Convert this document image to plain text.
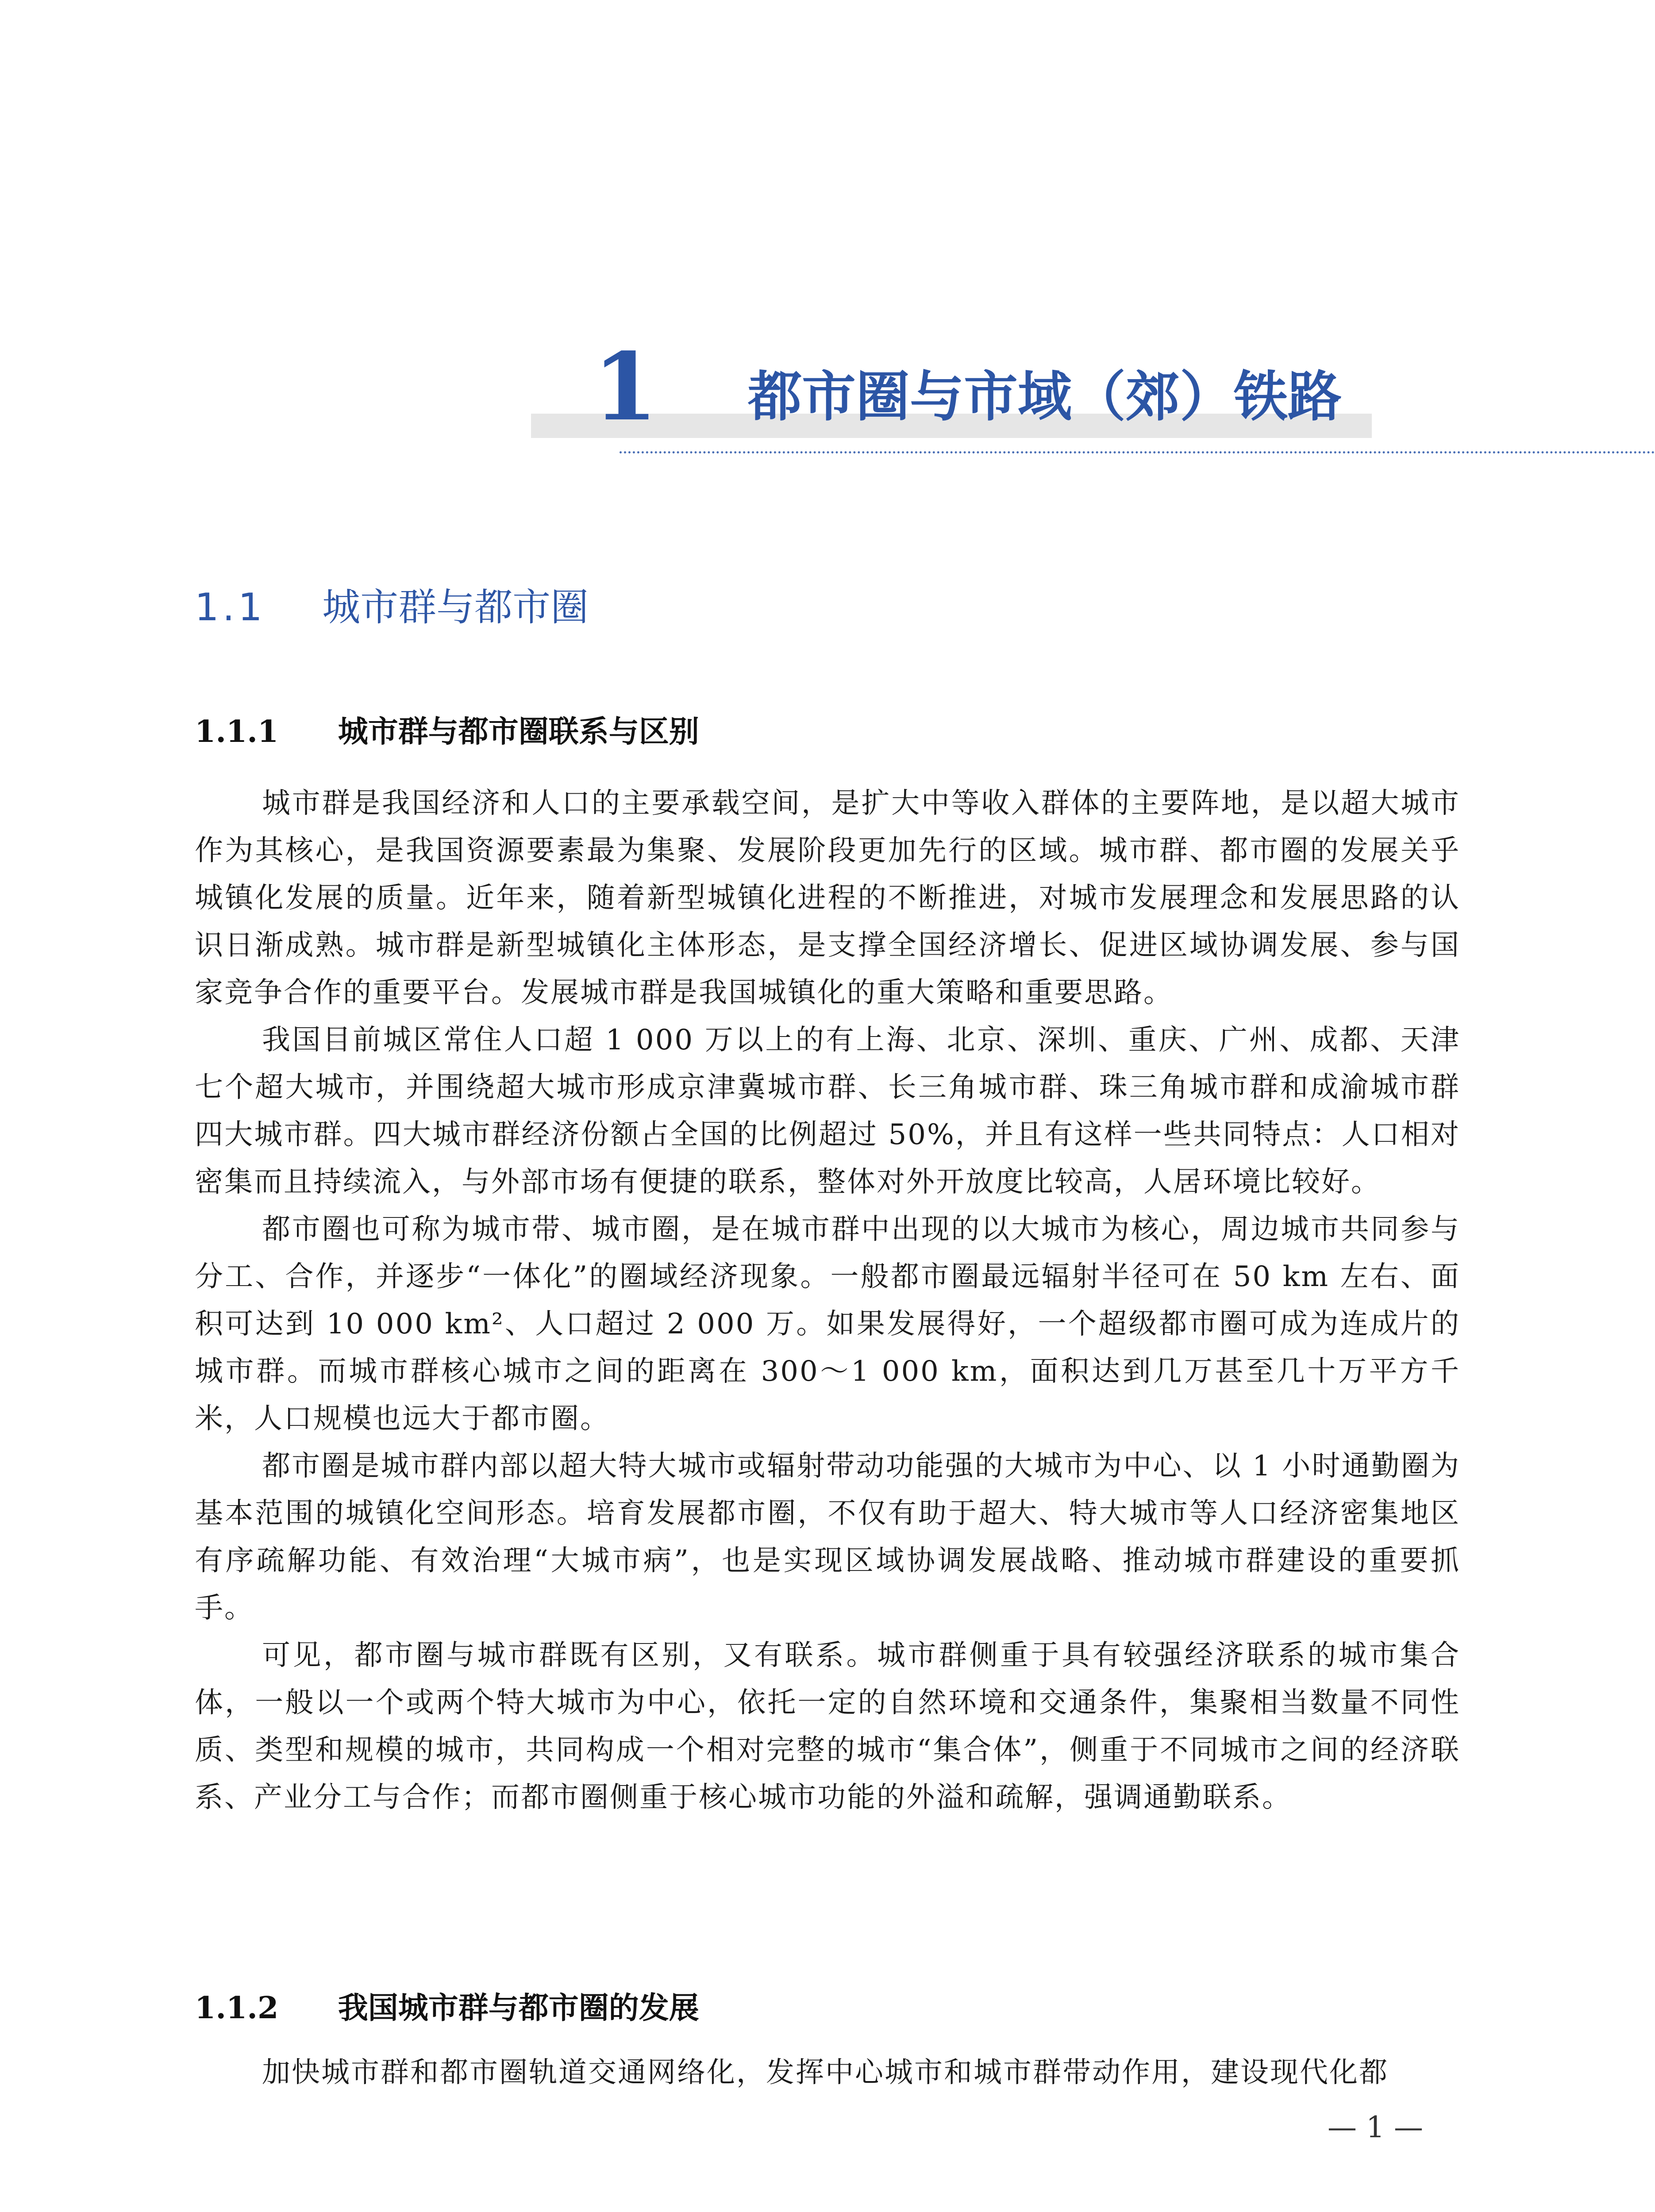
1 都市圈与市域（郊）铁路
1.1 城市群与都市圈
1.1.1 城市群与都市圈联系与区别

城市群是我国经济和人口的主要承载空间，是扩大中等收入群体的主要阵地，是以超大城市作为其核心，是我国资源要素最为集聚、发展阶段更加先行的区域。城市群、都市圈的发展关乎城镇化发展的质量。近年来，随着新型城镇化进程的不断推进，对城市发展理念和发展思路的认识日渐成熟。城市群是新型城镇化主体形态，是支撑全国经济增长、促进区域协调发展、参与国家竞争合作的重要平台。发展城市群是我国城镇化的重大策略和重要思路。

我国目前城区常住人口超 1 000 万以上的有上海、北京、深圳、重庆、广州、成都、天津七个超大城市，并围绕超大城市形成京津冀城市群、长三角城市群、珠三角城市群和成渝城市群四大城市群。四大城市群经济份额占全国的比例超过 50%，并且有这样一些共同特点：人口相对密集而且持续流入，与外部市场有便捷的联系，整体对外开放度比较高，人居环境比较好。

都市圈也可称为城市带、城市圈，是在城市群中出现的以大城市为核心，周边城市共同参与分工、合作，并逐步“一体化”的圈域经济现象。一般都市圈最远辐射半径可在 50 km 左右、面积可达到 10 000 km²、人口超过 2 000 万。如果发展得好，一个超级都市圈可成为连成片的城市群。而城市群核心城市之间的距离在 300～1 000 km，面积达到几万甚至几十万平方千米，人口规模也远大于都市圈。

都市圈是城市群内部以超大特大城市或辐射带动功能强的大城市为中心、以 1 小时通勤圈为基本范围的城镇化空间形态。培育发展都市圈，不仅有助于超大、特大城市等人口经济密集地区有序疏解功能、有效治理“大城市病”，也是实现区域协调发展战略、推动城市群建设的重要抓手。

可见，都市圈与城市群既有区别，又有联系。城市群侧重于具有较强经济联系的城市集合体，一般以一个或两个特大城市为中心，依托一定的自然环境和交通条件，集聚相当数量不同性质、类型和规模的城市，共同构成一个相对完整的城市“集合体”，侧重于不同城市之间的经济联系、产业分工与合作；而都市圈侧重于核心城市功能的外溢和疏解，强调通勤联系。

1.1.2 我国城市群与都市圈的发展

加快城市群和都市圈轨道交通网络化，发挥中心城市和城市群带动作用，建设现代化都

— 1 —
